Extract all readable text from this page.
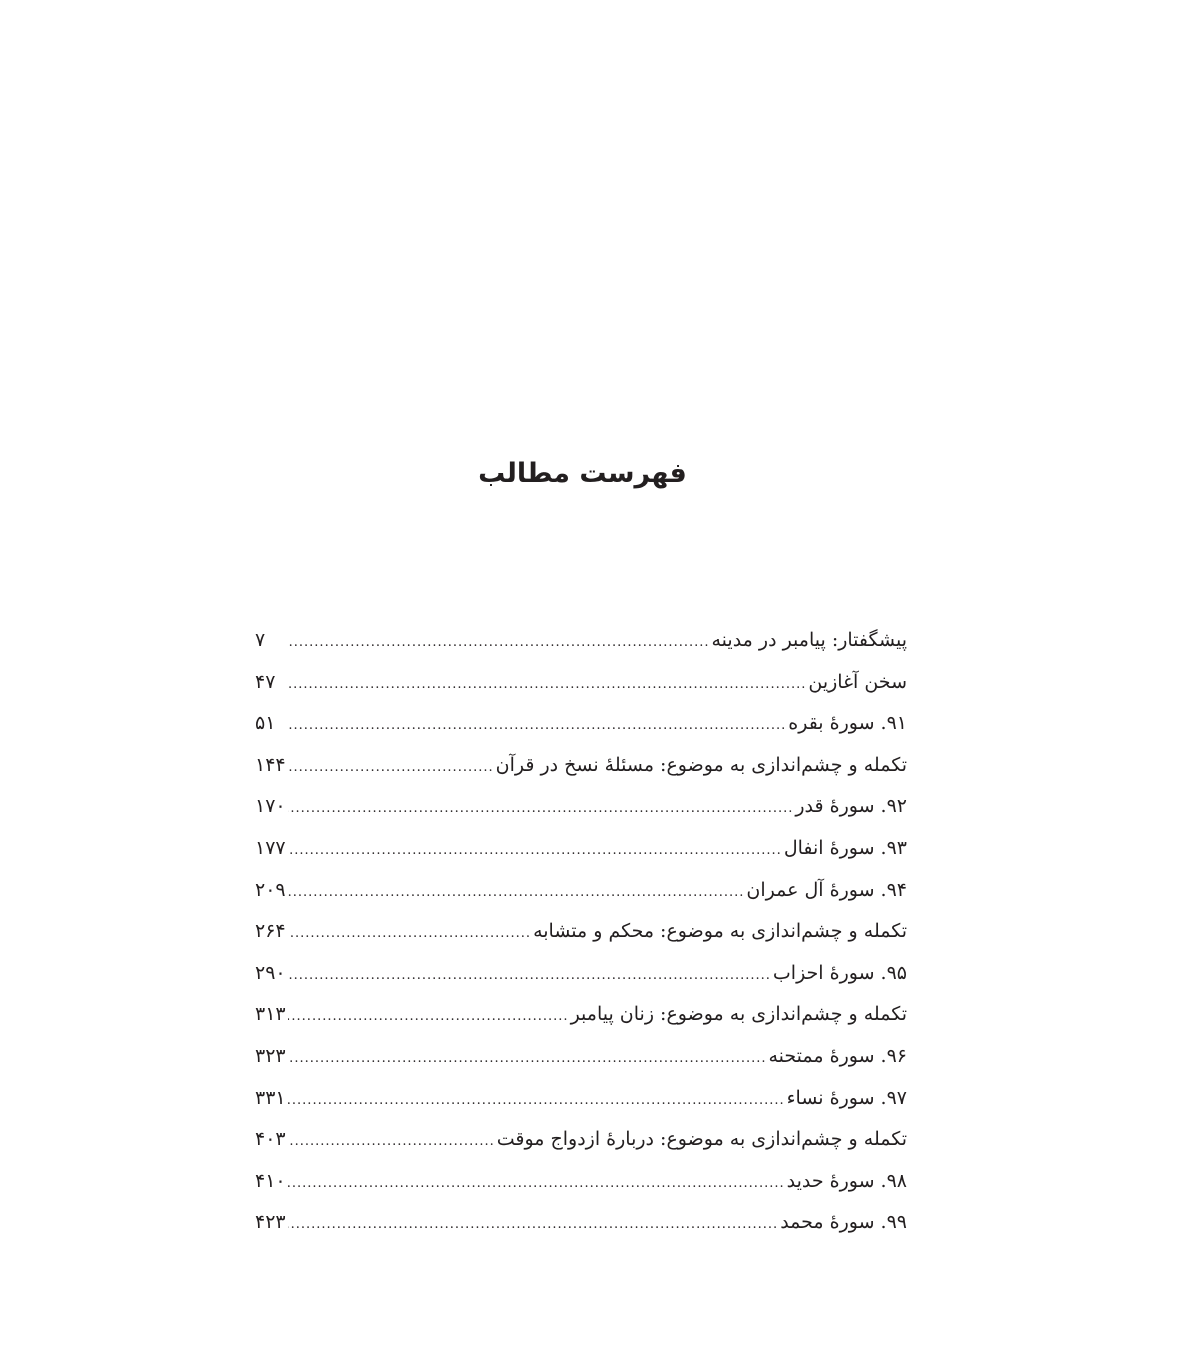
فهرست مطالب
پیشگفتار: پیامبر در مدینه
.....
۷
سخن آغازین
.....
۴۷
۹۱. سورهٔ بقره
.....
۵۱
تکمله و چشم‌اندازی به موضوع: مسئلهٔ نسخ در قرآن
.....
۱۴۴
۹۲. سورهٔ قدر
.....
۱۷۰
۹۳. سورهٔ انفال
.....
۱۷۷
۹۴. سورهٔ آل عمران
.....
۲۰۹
تکمله و چشم‌اندازی به موضوع: محکم و متشابه
.....
۲۶۴
۹۵. سورهٔ احزاب
.....
۲۹۰
تکمله و چشم‌اندازی به موضوع: زنان پیامبر
.....
۳۱۳
۹۶. سورهٔ ممتحنه
.....
۳۲۳
۹۷. سورهٔ نساء
.....
۳۳۱
تکمله و چشم‌اندازی به موضوع: دربارهٔ ازدواج موقت
.....
۴۰۳
۹۸. سورهٔ حدید
.....
۴۱۰
۹۹. سورهٔ محمد
.....
۴۲۳
